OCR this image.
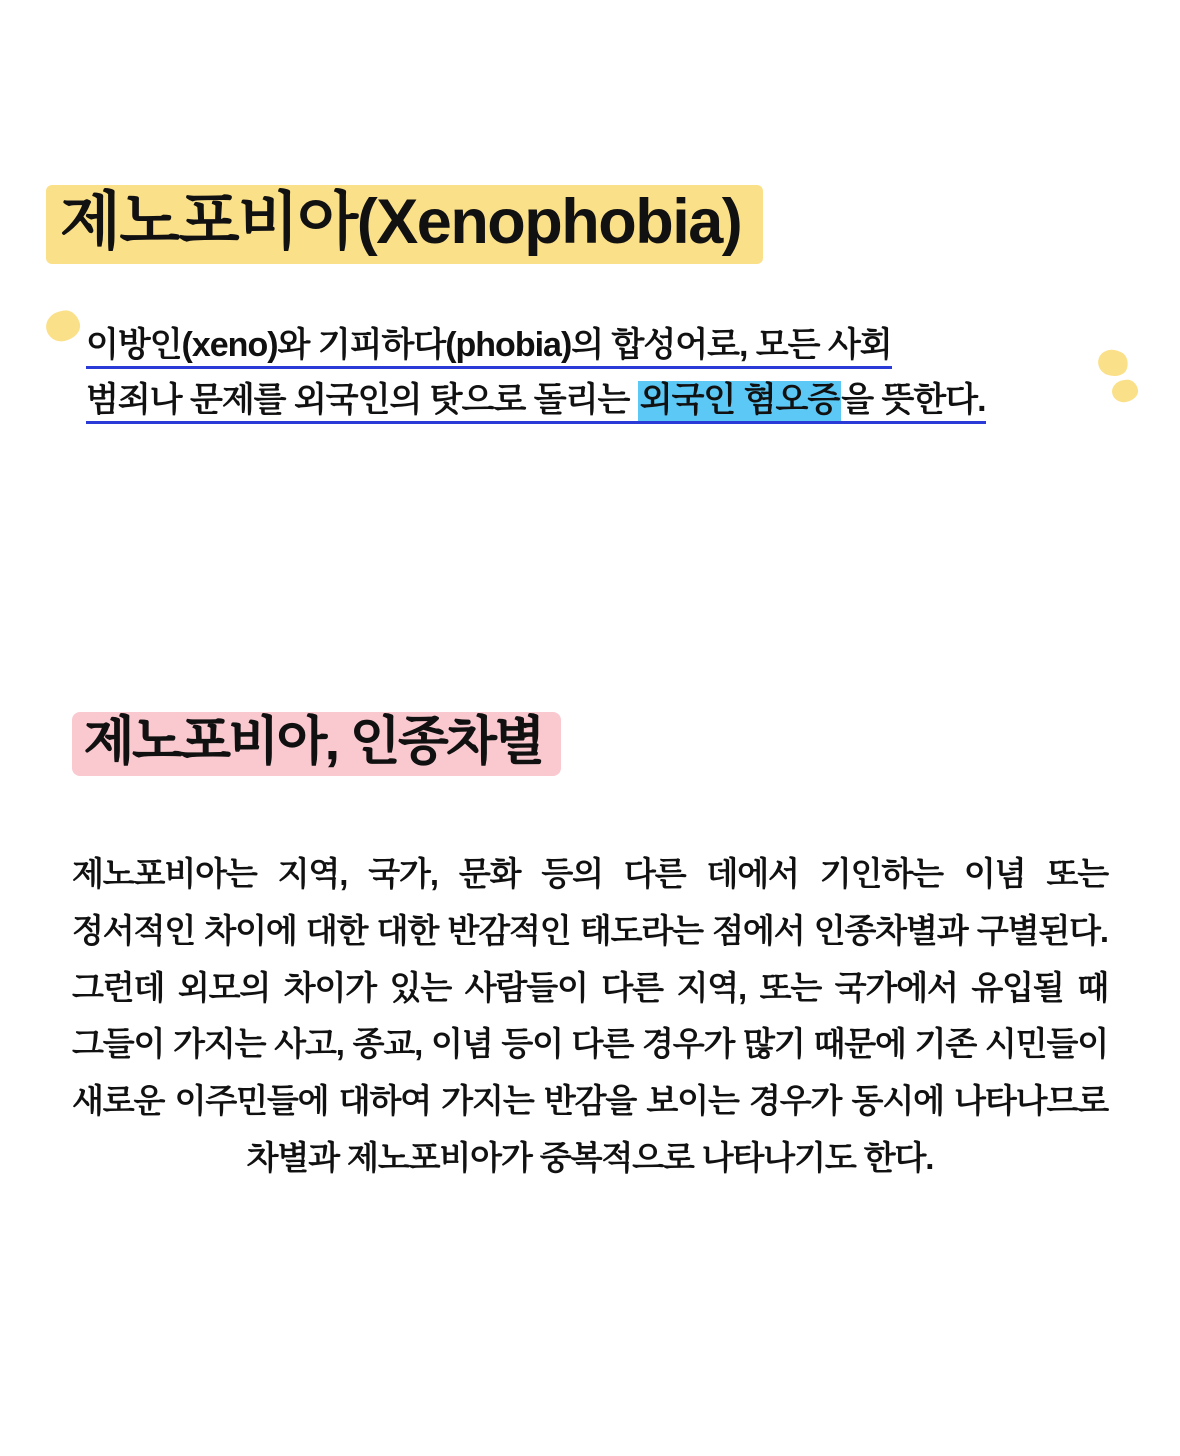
제노포비아(Xenophobia)

이방인(xeno)와 기피하다(phobia)의 합성어로, 모든 사회
범죄나 문제를 외국인의 탓으로 돌리는 외국인 혐오증을 뜻한다.

제노포비아, 인종차별

제노포비아는 지역, 국가, 문화 등의 다른 데에서 기인하는 이념 또는 정서적인 차이에 대한 대한 반감적인 태도라는 점에서 인종차별과 구별된다. 그런데 외모의 차이가 있는 사람들이 다른 지역, 또는 국가에서 유입될 때 그들이 가지는 사고, 종교, 이념 등이 다른 경우가 많기 때문에 기존 시민들이 새로운 이주민들에 대하여 가지는 반감을 보이는 경우가 동시에 나타나므로 차별과 제노포비아가 중복적으로 나타나기도 한다.
